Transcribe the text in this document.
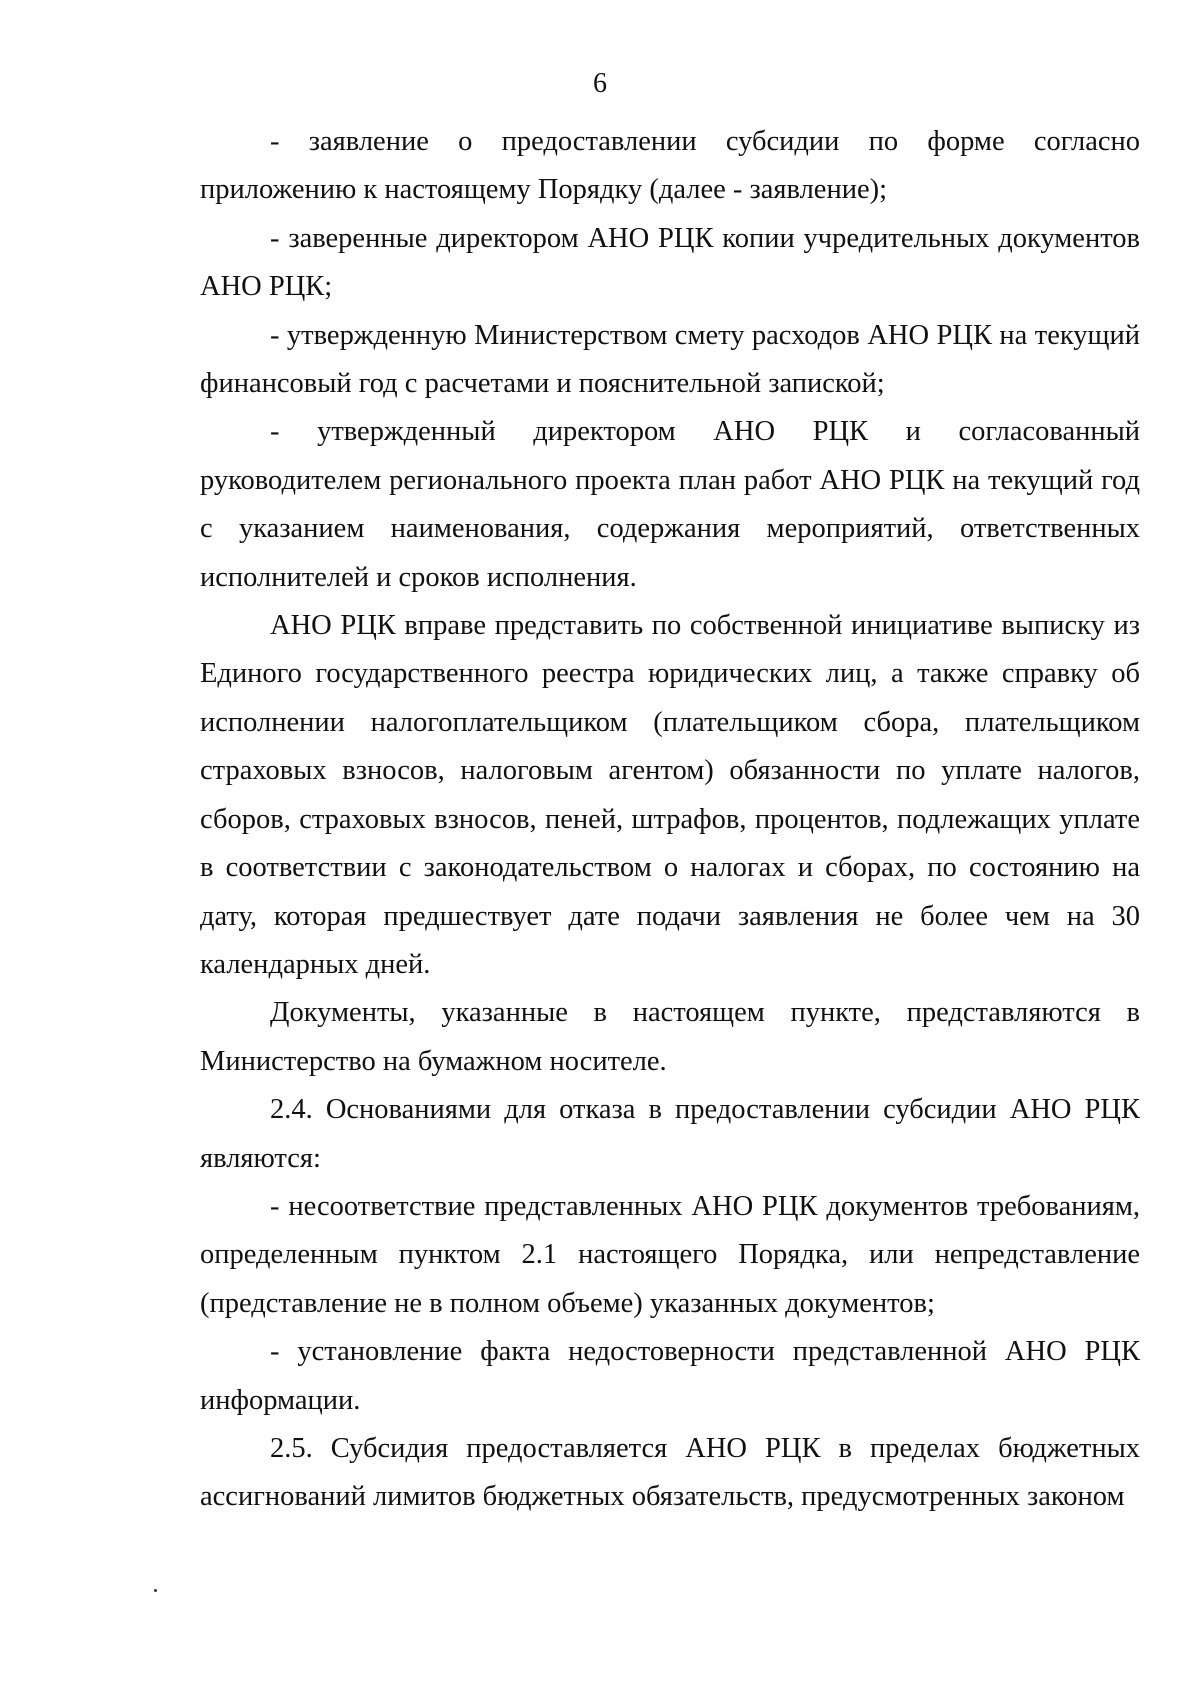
6

- заявление о предоставлении субсидии по форме согласно приложению к настоящему Порядку (далее - заявление);

- заверенные директором АНО РЦК копии учредительных документов АНО РЦК;

- утвержденную Министерством смету расходов АНО РЦК на текущий финансовый год с расчетами и пояснительной запиской;

- утвержденный директором АНО РЦК и согласованный руководителем регионального проекта план работ АНО РЦК на текущий год с указанием наименования, содержания мероприятий, ответственных исполнителей и сроков исполнения.

АНО РЦК вправе представить по собственной инициативе выписку из Единого государственного реестра юридических лиц, а также справку об исполнении налогоплательщиком (плательщиком сбора, плательщиком страховых взносов, налоговым агентом) обязанности по уплате налогов, сборов, страховых взносов, пеней, штрафов, процентов, подлежащих уплате в соответствии с законодательством о налогах и сборах, по состоянию на дату, которая предшествует дате подачи заявления не более чем на 30 календарных дней.

Документы, указанные в настоящем пункте, представляются в Министерство на бумажном носителе.

2.4. Основаниями для отказа в предоставлении субсидии АНО РЦК являются:

- несоответствие представленных АНО РЦК документов требованиям, определенным пунктом 2.1 настоящего Порядка, или непредставление (представление не в полном объеме) указанных документов;

- установление факта недостоверности представленной АНО РЦК информации.

2.5. Субсидия предоставляется АНО РЦК в пределах бюджетных ассигнований лимитов бюджетных обязательств, предусмотренных законом
